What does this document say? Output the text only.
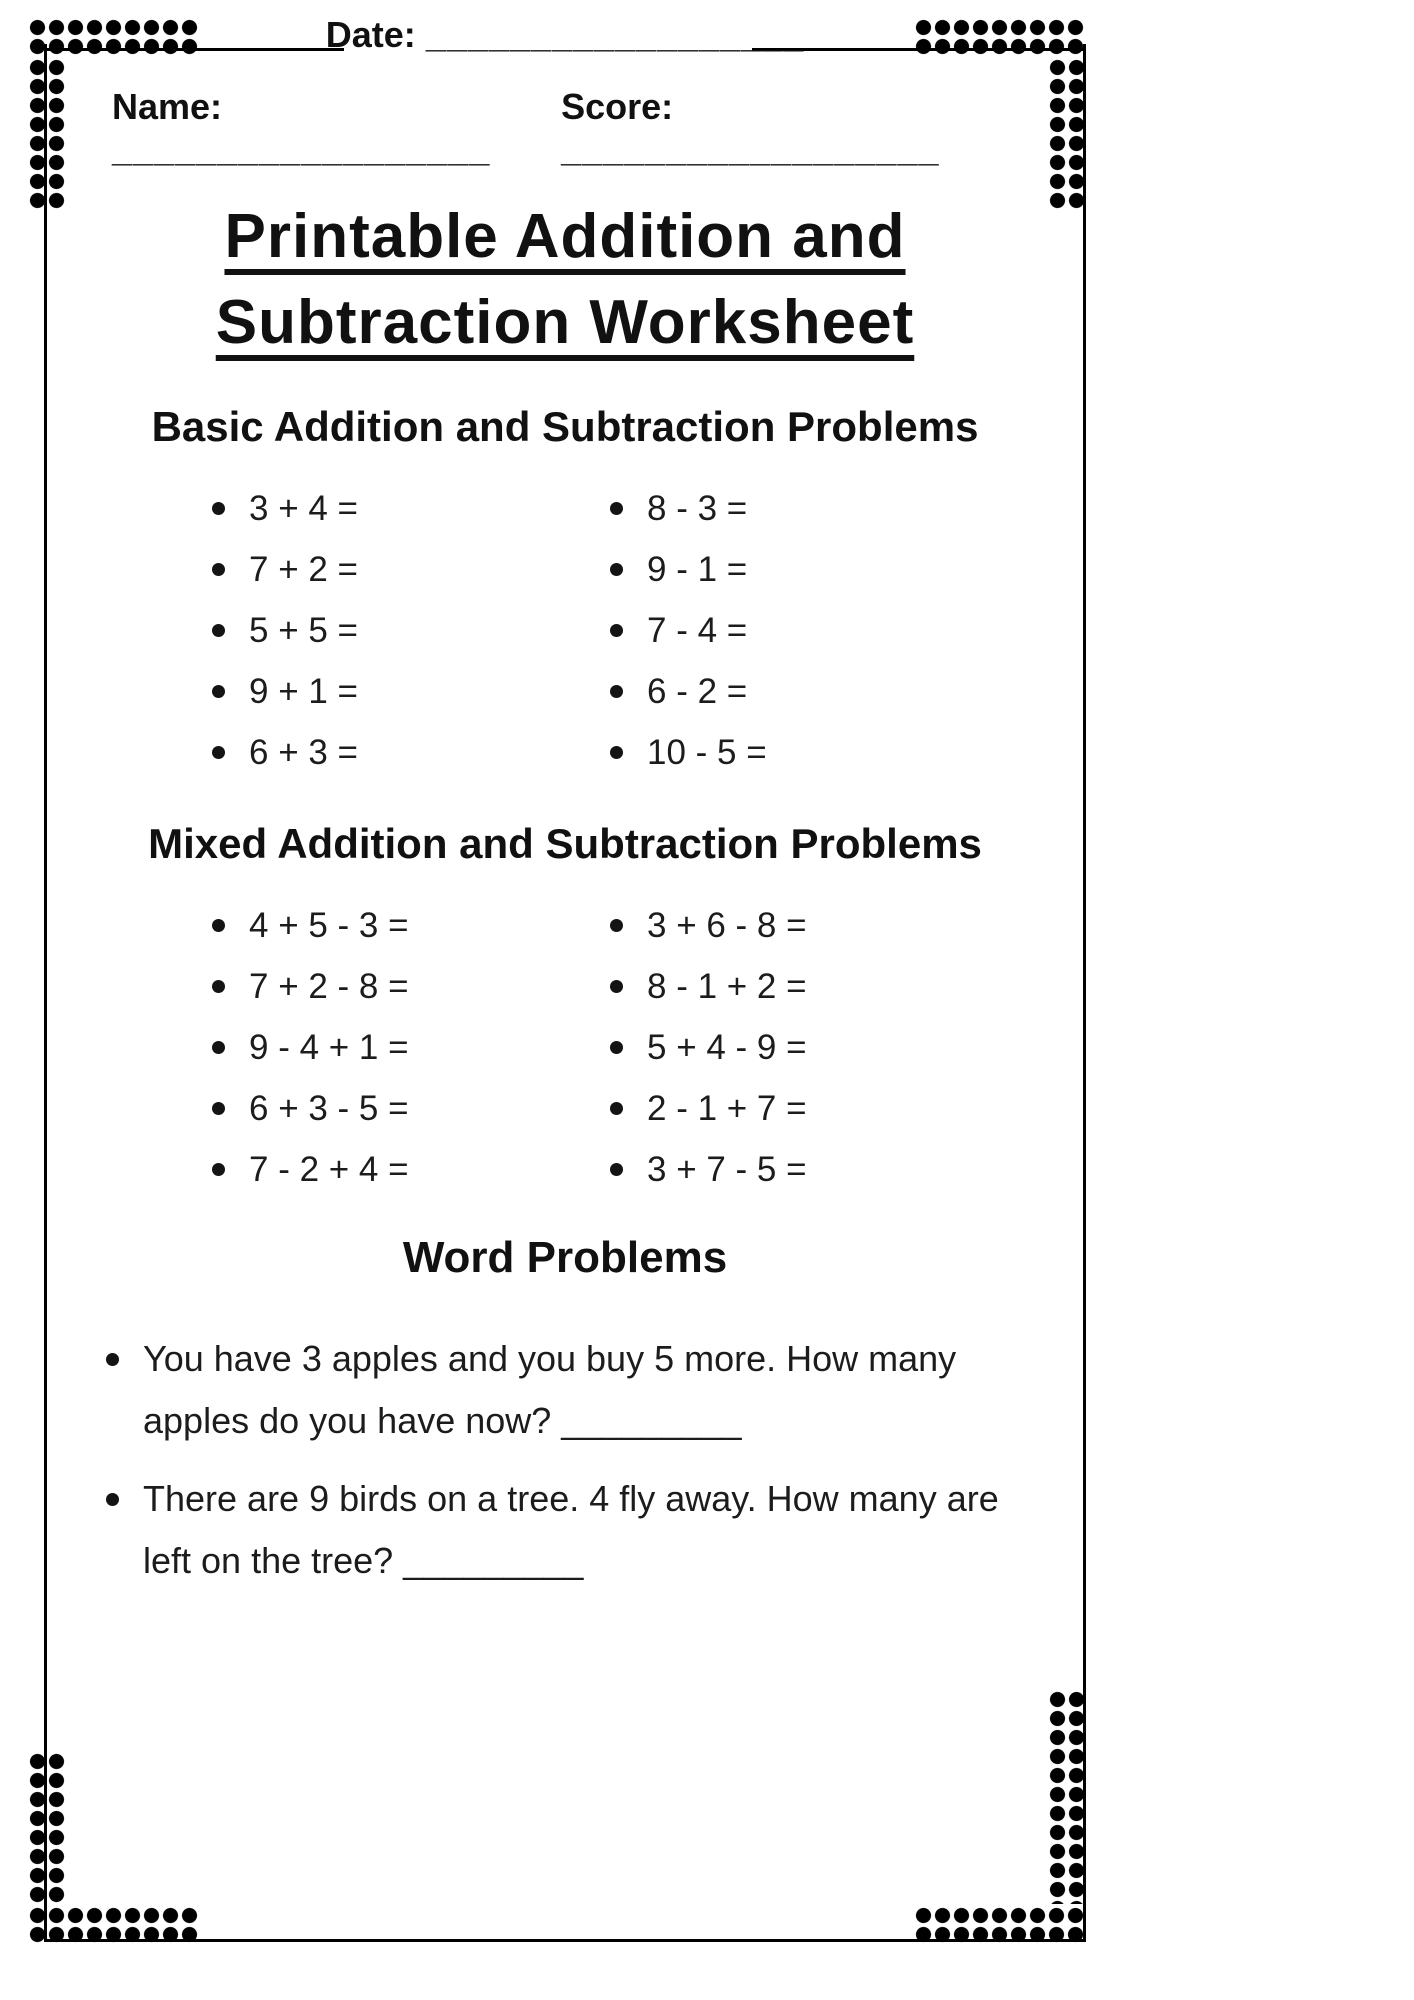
Date: __________________
Name: __________________
Score: __________________
Printable Addition and
Subtraction Worksheet
Basic Addition and Subtraction Problems
3 + 4 =
7 + 2 =
5 + 5 =
9 + 1 =
6 + 3 =
8 - 3 =
9 - 1 =
7 - 4 =
6 - 2 =
10 - 5 =
Mixed Addition and Subtraction Problems
4 + 5 - 3 =
7 + 2 - 8 =
9 - 4 + 1 =
6 + 3 - 5 =
7 - 2 + 4 =
3 + 6 - 8 =
8 - 1 + 2 =
5 + 4 - 9 =
2 - 1 + 7 =
3 + 7 - 5 =
Word Problems
You have 3 apples and you buy 5 more. How many apples do you have now? _________
There are 9 birds on a tree. 4 fly away. How many are left on the tree? _________
